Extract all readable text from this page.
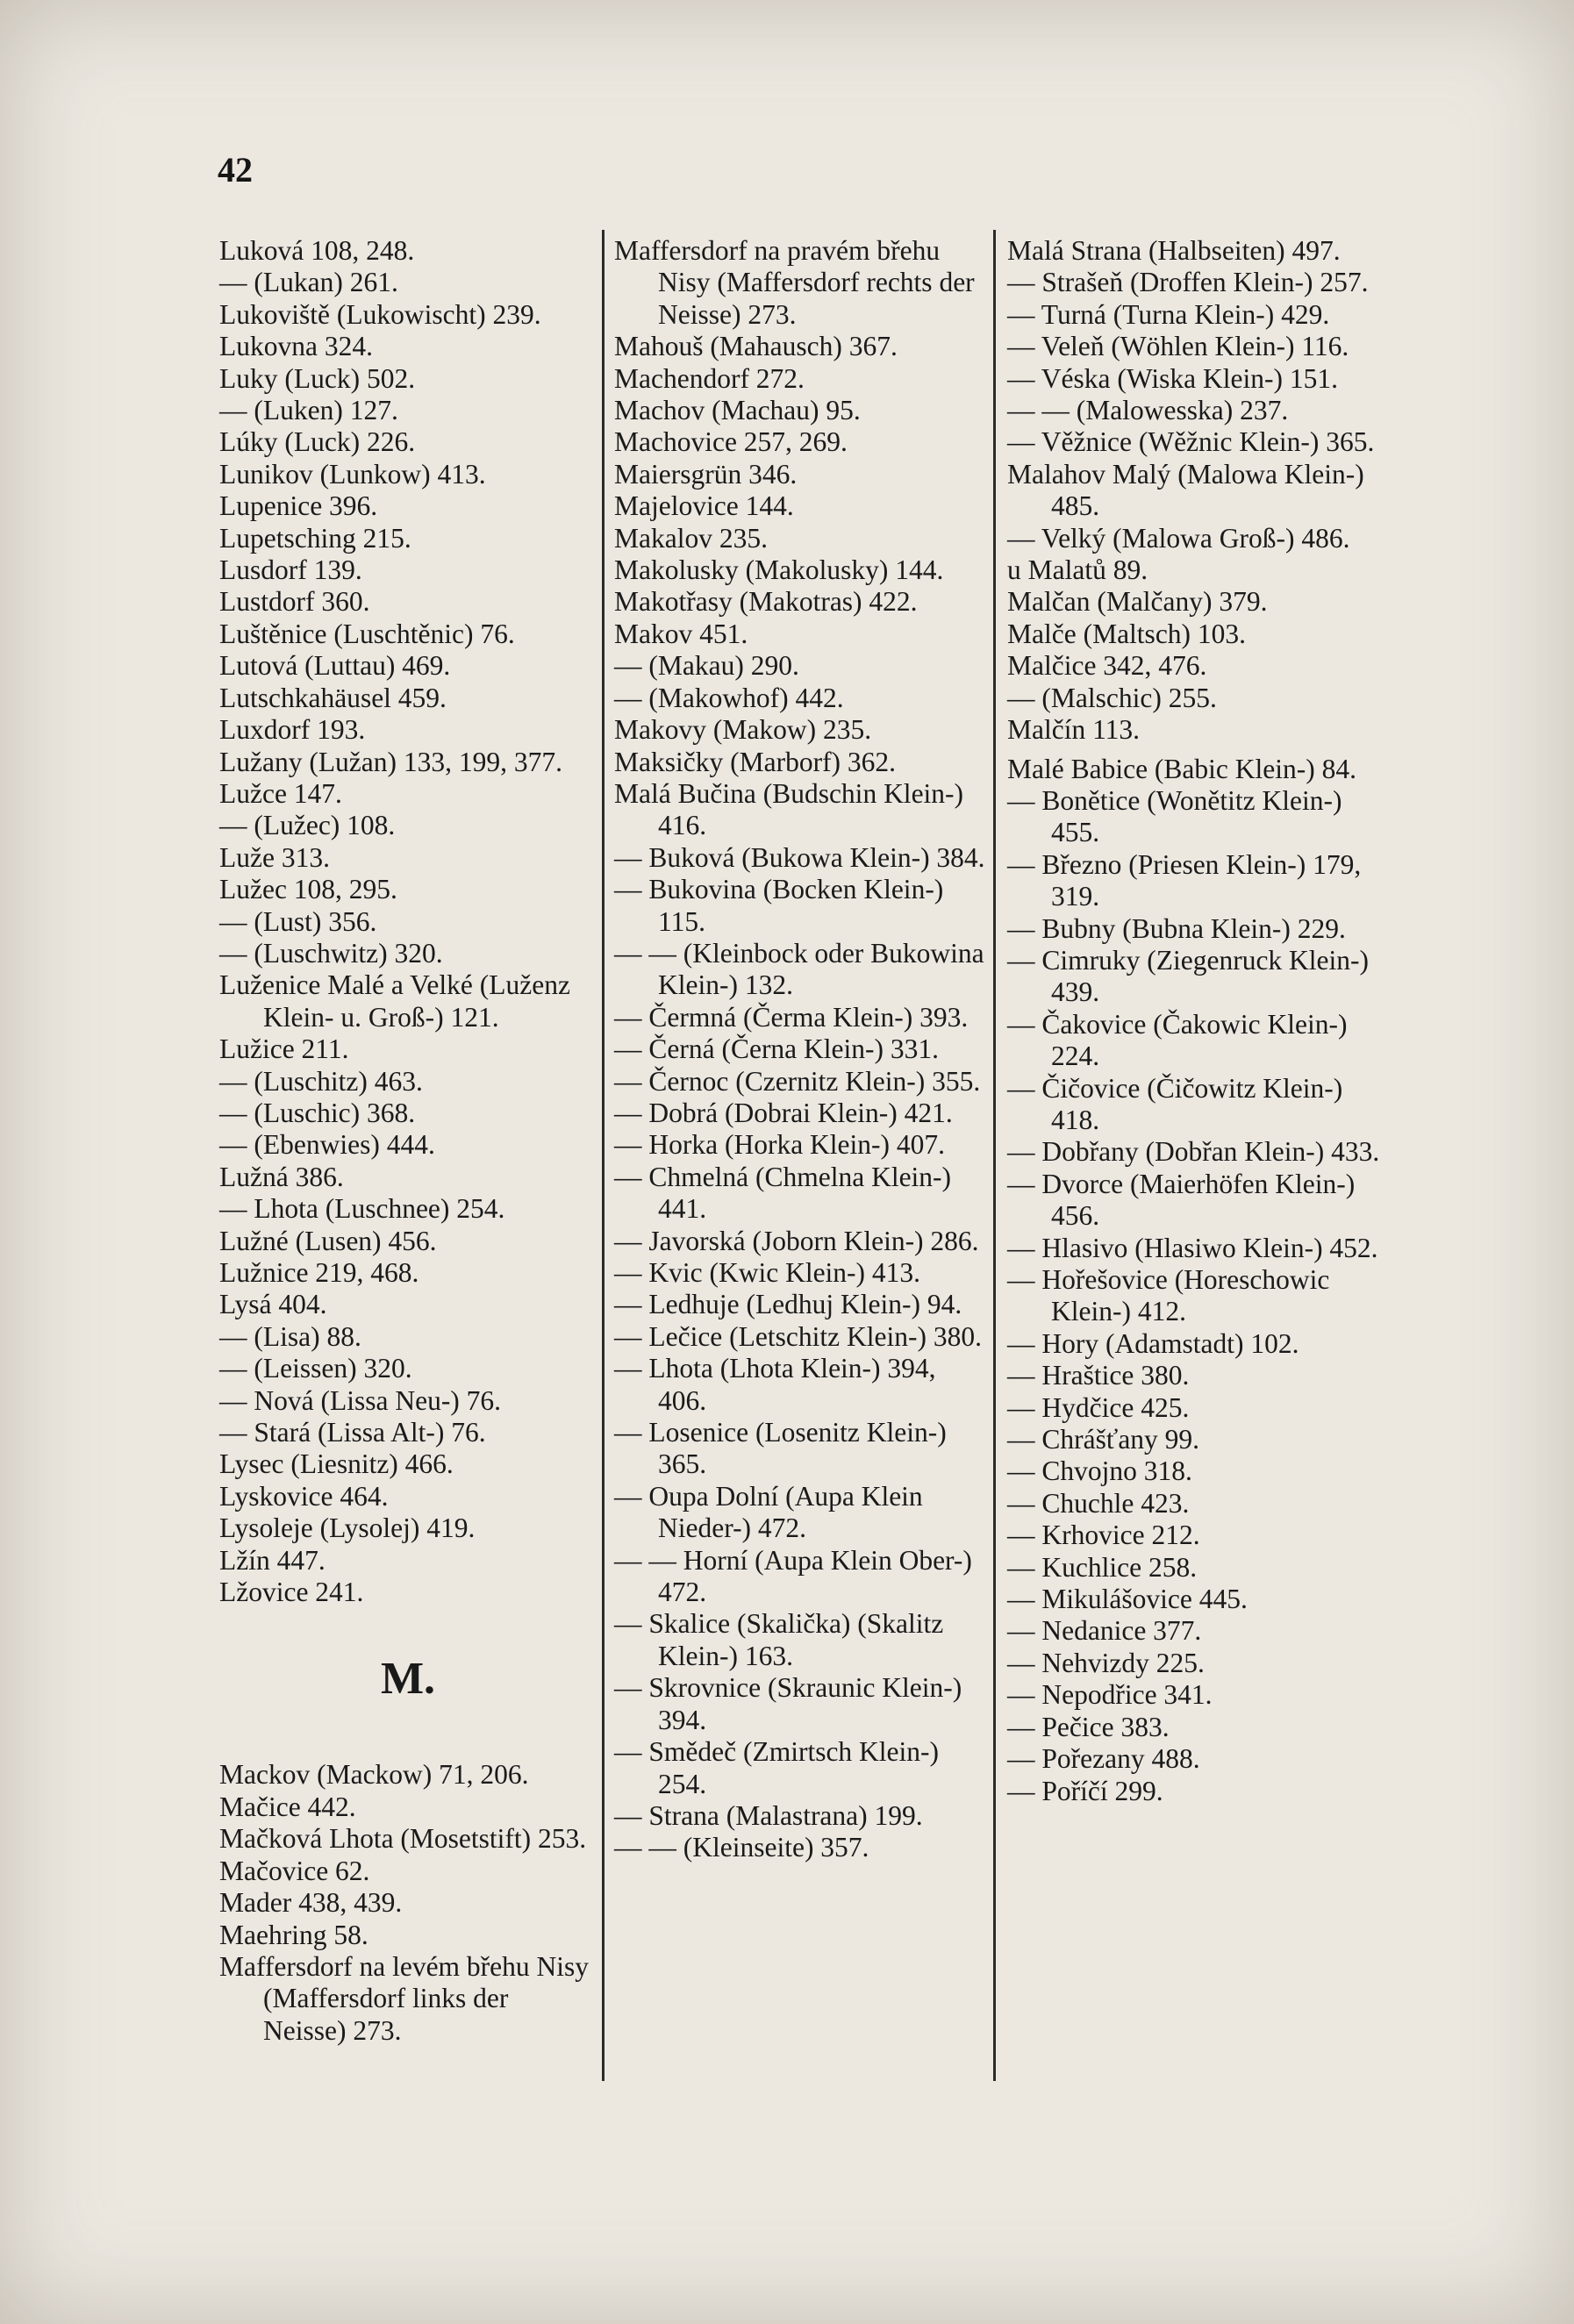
42
Luková 108, 248.
— (Lukan) 261.
Lukoviště (Lukowischt) 239.
Lukovna 324.
Luky (Luck) 502.
— (Luken) 127.
Lúky (Luck) 226.
Lunikov (Lunkow) 413.
Lupenice 396.
Lupetsching 215.
Lusdorf 139.
Lustdorf 360.
Luštěnice (Luschtěnic) 76.
Lutová (Luttau) 469.
Lutschkahäusel 459.
Luxdorf 193.
Lužany (Lužan) 133, 199, 377.
Lužce 147.
— (Lužec) 108.
Luže 313.
Lužec 108, 295.
— (Lust) 356.
— (Luschwitz) 320.
Luženice Malé a Velké (Luženz Klein- u. Groß-) 121.
Lužice 211.
— (Luschitz) 463.
— (Luschic) 368.
— (Ebenwies) 444.
Lužná 386.
— Lhota (Luschnee) 254.
Lužné (Lusen) 456.
Lužnice 219, 468.
Lysá 404.
— (Lisa) 88.
— (Leissen) 320.
— Nová (Lissa Neu-) 76.
— Stará (Lissa Alt-) 76.
Lysec (Liesnitz) 466.
Lyskovice 464.
Lysoleje (Lysolej) 419.
Lžín 447.
Lžovice 241.
M.
Mackov (Mackow) 71, 206.
Mačice 442.
Mačková Lhota (Mosetstift) 253.
Mačovice 62.
Mader 438, 439.
Maehring 58.
Maffersdorf na levém břehu Nisy (Maffersdorf links der Neisse) 273.
Maffersdorf na pravém břehu Nisy (Maffersdorf rechts der Neisse) 273.
Mahouš (Mahausch) 367.
Machendorf 272.
Machov (Machau) 95.
Machovice 257, 269.
Maiersgrün 346.
Majelovice 144.
Makalov 235.
Makolusky (Makolusky) 144.
Makotřasy (Makotras) 422.
Makov 451.
— (Makau) 290.
— (Makowhof) 442.
Makovy (Makow) 235.
Maksičky (Marborf) 362.
Malá Bučina (Budschin Klein-) 416.
— Buková (Bukowa Klein-) 384.
— Bukovina (Bocken Klein-) 115.
— — (Kleinbock oder Bukowina Klein-) 132.
— Čermná (Čerma Klein-) 393.
— Černá (Černa Klein-) 331.
— Černoc (Czernitz Klein-) 355.
— Dobrá (Dobrai Klein-) 421.
— Horka (Horka Klein-) 407.
— Chmelná (Chmelna Klein-) 441.
— Javorská (Joborn Klein-) 286.
— Kvic (Kwic Klein-) 413.
— Ledhuje (Ledhuj Klein-) 94.
— Lečice (Letschitz Klein-) 380.
— Lhota (Lhota Klein-) 394, 406.
— Losenice (Losenitz Klein-) 365.
— Oupa Dolní (Aupa Klein Nieder-) 472.
— — Horní (Aupa Klein Ober-) 472.
— Skalice (Skalička) (Skalitz Klein-) 163.
— Skrovnice (Skraunic Klein-) 394.
— Smědeč (Zmirtsch Klein-) 254.
— Strana (Malastrana) 199.
— — (Kleinseite) 357.
Malá Strana (Halbseiten) 497.
— Strašeň (Droffen Klein-) 257.
— Turná (Turna Klein-) 429.
— Veleň (Wöhlen Klein-) 116.
— Véska (Wiska Klein-) 151.
— — (Malowesska) 237.
— Věžnice (Wěžnic Klein-) 365.
Malahov Malý (Malowa Klein-) 485.
— Velký (Malowa Groß-) 486.
u Malatů 89.
Malčan (Malčany) 379.
Malče (Maltsch) 103.
Malčice 342, 476.
— (Malschic) 255.
Malčín 113.
Malé Babice (Babic Klein-) 84.
— Bonětice (Wonětitz Klein-) 455.
— Březno (Priesen Klein-) 179, 319.
— Bubny (Bubna Klein-) 229.
— Cimruky (Ziegenruck Klein-) 439.
— Čakovice (Čakowic Klein-) 224.
— Čičovice (Čičowitz Klein-) 418.
— Dobřany (Dobřan Klein-) 433.
— Dvorce (Maierhöfen Klein-) 456.
— Hlasivo (Hlasiwo Klein-) 452.
— Hořešovice (Horeschowic Klein-) 412.
— Hory (Adamstadt) 102.
— Hraštice 380.
— Hydčice 425.
— Chrášťany 99.
— Chvojno 318.
— Chuchle 423.
— Krhovice 212.
— Kuchlice 258.
— Mikulášovice 445.
— Nedanice 377.
— Nehvizdy 225.
— Nepodřice 341.
— Pečice 383.
— Pořezany 488.
— Poříčí 299.
